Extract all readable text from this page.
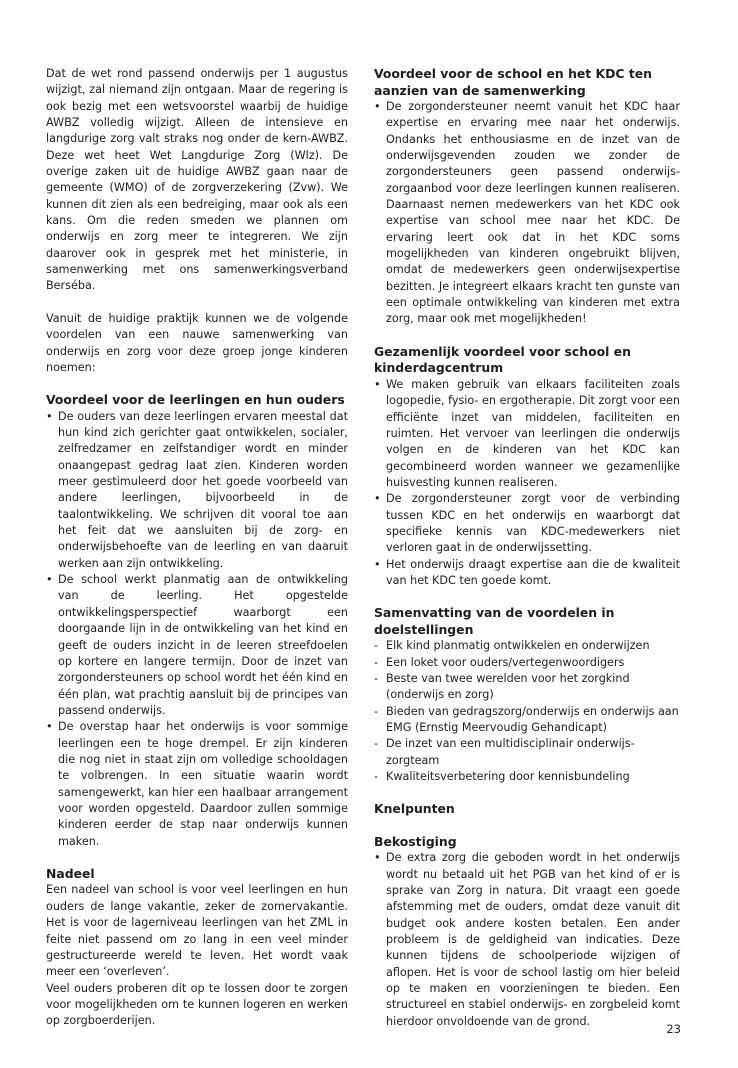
Dat de wet rond passend onderwijs per 1 augustus wijzigt, zal niemand zijn ontgaan. Maar de regering is ook bezig met een wetsvoorstel waarbij de huidige AWBZ volledig wijzigt. Alleen de intensieve en langdurige zorg valt straks nog onder de kern-AWBZ. Deze wet heet Wet Langdurige Zorg (Wlz). De overige zaken uit de huidige AWBZ gaan naar de gemeente (WMO) of de zorgverzekering (Zvw). We kunnen dit zien als een bedreiging, maar ook als een kans. Om die reden smeden we plannen om onderwijs en zorg meer te integreren. We zijn daarover ook in gesprek met het ministerie, in samenwerking met ons samenwerkingsverband Berséba.

Vanuit de huidige praktijk kunnen we de volgende voordelen van een nauwe samenwerking van onderwijs en zorg voor deze groep jonge kinderen noemen:

Voordeel voor de leerlingen en hun ouders
• De ouders van deze leerlingen ervaren meestal dat hun kind zich gerichter gaat ontwikkelen, socialer, zelfredzamer en zelfstandiger wordt en minder onaangepast gedrag laat zien. Kinderen worden meer gestimuleerd door het goede voorbeeld van andere leerlingen, bijvoorbeeld in de taalontwikkeling. We schrijven dit vooral toe aan het feit dat we aansluiten bij de zorg- en onderwijsbehoefte van de leerling en van daaruit werken aan zijn ontwikkeling.
• De school werkt planmatig aan de ontwikkeling van de leerling. Het opgestelde ontwikkelingsperspectief waarborgt een doorgaande lijn in de ontwikkeling van het kind en geeft de ouders inzicht in de leeren streefdoelen op kortere en langere termijn. Door de inzet van zorgondersteuners op school wordt het één kind en één plan, wat prachtig aansluit bij de principes van passend onderwijs.
• De overstap haar het onderwijs is voor sommige leerlingen een te hoge drempel. Er zijn kinderen die nog niet in staat zijn om volledige schooldagen te volbrengen. In een situatie waarin wordt samengewerkt, kan hier een haalbaar arrangement voor worden opgesteld. Daardoor zullen sommige kinderen eerder de stap naar onderwijs kunnen maken.
Nadeel

Een nadeel van school is voor veel leerlingen en hun ouders de lange vakantie, zeker de zomervakantie. Het is voor de lagerniveau leerlingen van het ZML in feite niet passend om zo lang in een veel minder gestructureerde wereld te leven. Het wordt vaak meer een ‘overleven’.

Veel ouders proberen dit op te lossen door te zorgen voor mogelijkheden om te kunnen logeren en werken op zorgboerderijen.

Voordeel voor de school en het KDC ten aanzien van de samenwerking
• De zorgondersteuner neemt vanuit het KDC haar expertise en ervaring mee naar het onderwijs. Ondanks het enthousiasme en de inzet van de onderwijsgevenden zouden we zonder de zorgondersteuners geen passend onderwijs-zorgaanbod voor deze leerlingen kunnen realiseren. Daarnaast nemen medewerkers van het KDC ook expertise van school mee naar het KDC. De ervaring leert ook dat in het KDC soms mogelijkheden van kinderen ongebruikt blijven, omdat de medewerkers geen onderwijsexpertise bezitten. Je integreert elkaars kracht ten gunste van een optimale ontwikkeling van kinderen met extra zorg, maar ook met mogelijkheden!
Gezamenlijk voordeel voor school en kinderdagcentrum
• We maken gebruik van elkaars faciliteiten zoals logopedie, fysio- en ergotherapie. Dit zorgt voor een efficiënte inzet van middelen, faciliteiten en ruimten. Het vervoer van leerlingen die onderwijs volgen en de kinderen van het KDC kan gecombineerd worden wanneer we gezamenlijke huisvesting kunnen realiseren.
• De zorgondersteuner zorgt voor de verbinding tussen KDC en het onderwijs en waarborgt dat specifieke kennis van KDC-medewerkers niet verloren gaat in de onderwijssetting.
• Het onderwijs draagt expertise aan die de kwaliteit van het KDC ten goede komt.
Samenvatting van de voordelen in doelstellingen
- Elk kind planmatig ontwikkelen en onderwijzen
- Een loket voor ouders/vertegenwoordigers
- Beste van twee werelden voor het zorgkind (onderwijs en zorg)
- Bieden van gedragszorg/onderwijs en onderwijs aan EMG (Ernstig Meervoudig Gehandicapt)
- De inzet van een multidisciplinair onderwijs-zorgteam
- Kwaliteitsverbetering door kennisbundeling
Knelpunten
Bekostiging
• De extra zorg die geboden wordt in het onderwijs wordt nu betaald uit het PGB van het kind of er is sprake van Zorg in natura. Dit vraagt een goede afstemming met de ouders, omdat deze vanuit dit budget ook andere kosten betalen. Een ander probleem is de geldigheid van indicaties. Deze kunnen tijdens de schoolperiode wijzigen of aflopen. Het is voor de school lastig om hier beleid op te maken en voorzieningen te bieden. Een structureel en stabiel onderwijs- en zorgbeleid komt hierdoor onvoldoende van de grond.
23
